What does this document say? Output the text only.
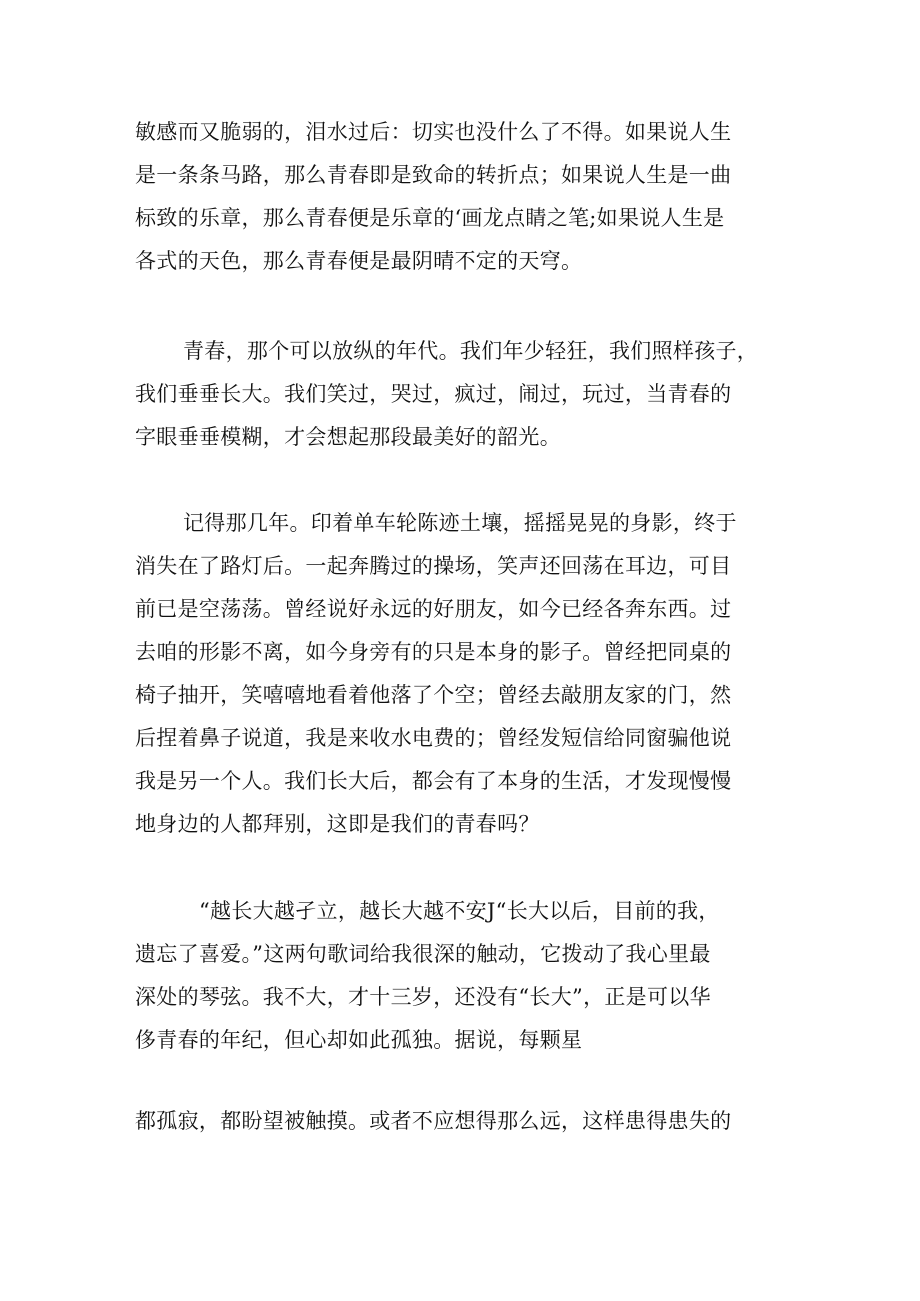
敏感而又脆弱的，泪水过后：切实也没什么了不得。如果说人生
是一条条马路，那么青春即是致命的转折点；如果说人生是一曲
标致的乐章，那么青春便是乐章的‘画龙点睛之笔;如果说人生是
各式的天色，那么青春便是最阴晴不定的天穹。
青春，那个可以放纵的年代。我们年少轻狂，我们照样孩子，
我们垂垂长大。我们笑过，哭过，疯过，闹过，玩过，当青春的
字眼垂垂模糊，才会想起那段最美好的韶光。
记得那几年。印着单车轮陈迹土壤，摇摇晃晃的身影，终于
消失在了路灯后。一起奔腾过的操场，笑声还回荡在耳边，可目
前已是空荡荡。曾经说好永远的好朋友，如今已经各奔东西。过
去咱的形影不离，如今身旁有的只是本身的影子。曾经把同桌的
椅子抽开，笑嘻嘻地看着他落了个空；曾经去敲朋友家的门，然
后捏着鼻子说道，我是来收水电费的；曾经发短信给同窗骗他说
我是另一个人。我们长大后，都会有了本身的生活，才发现慢慢
地身边的人都拜别，这即是我们的青春吗？
“越长大越孑立，越长大越不安J“长大以后，目前的我，
遗忘了喜爱。”这两句歌词给我很深的触动，它拨动了我心里最
深处的琴弦。我不大，才十三岁，还没有“长大”，正是可以华
侈青春的年纪，但心却如此孤独。据说，每颗星
都孤寂，都盼望被触摸。或者不应想得那么远，这样患得患失的
